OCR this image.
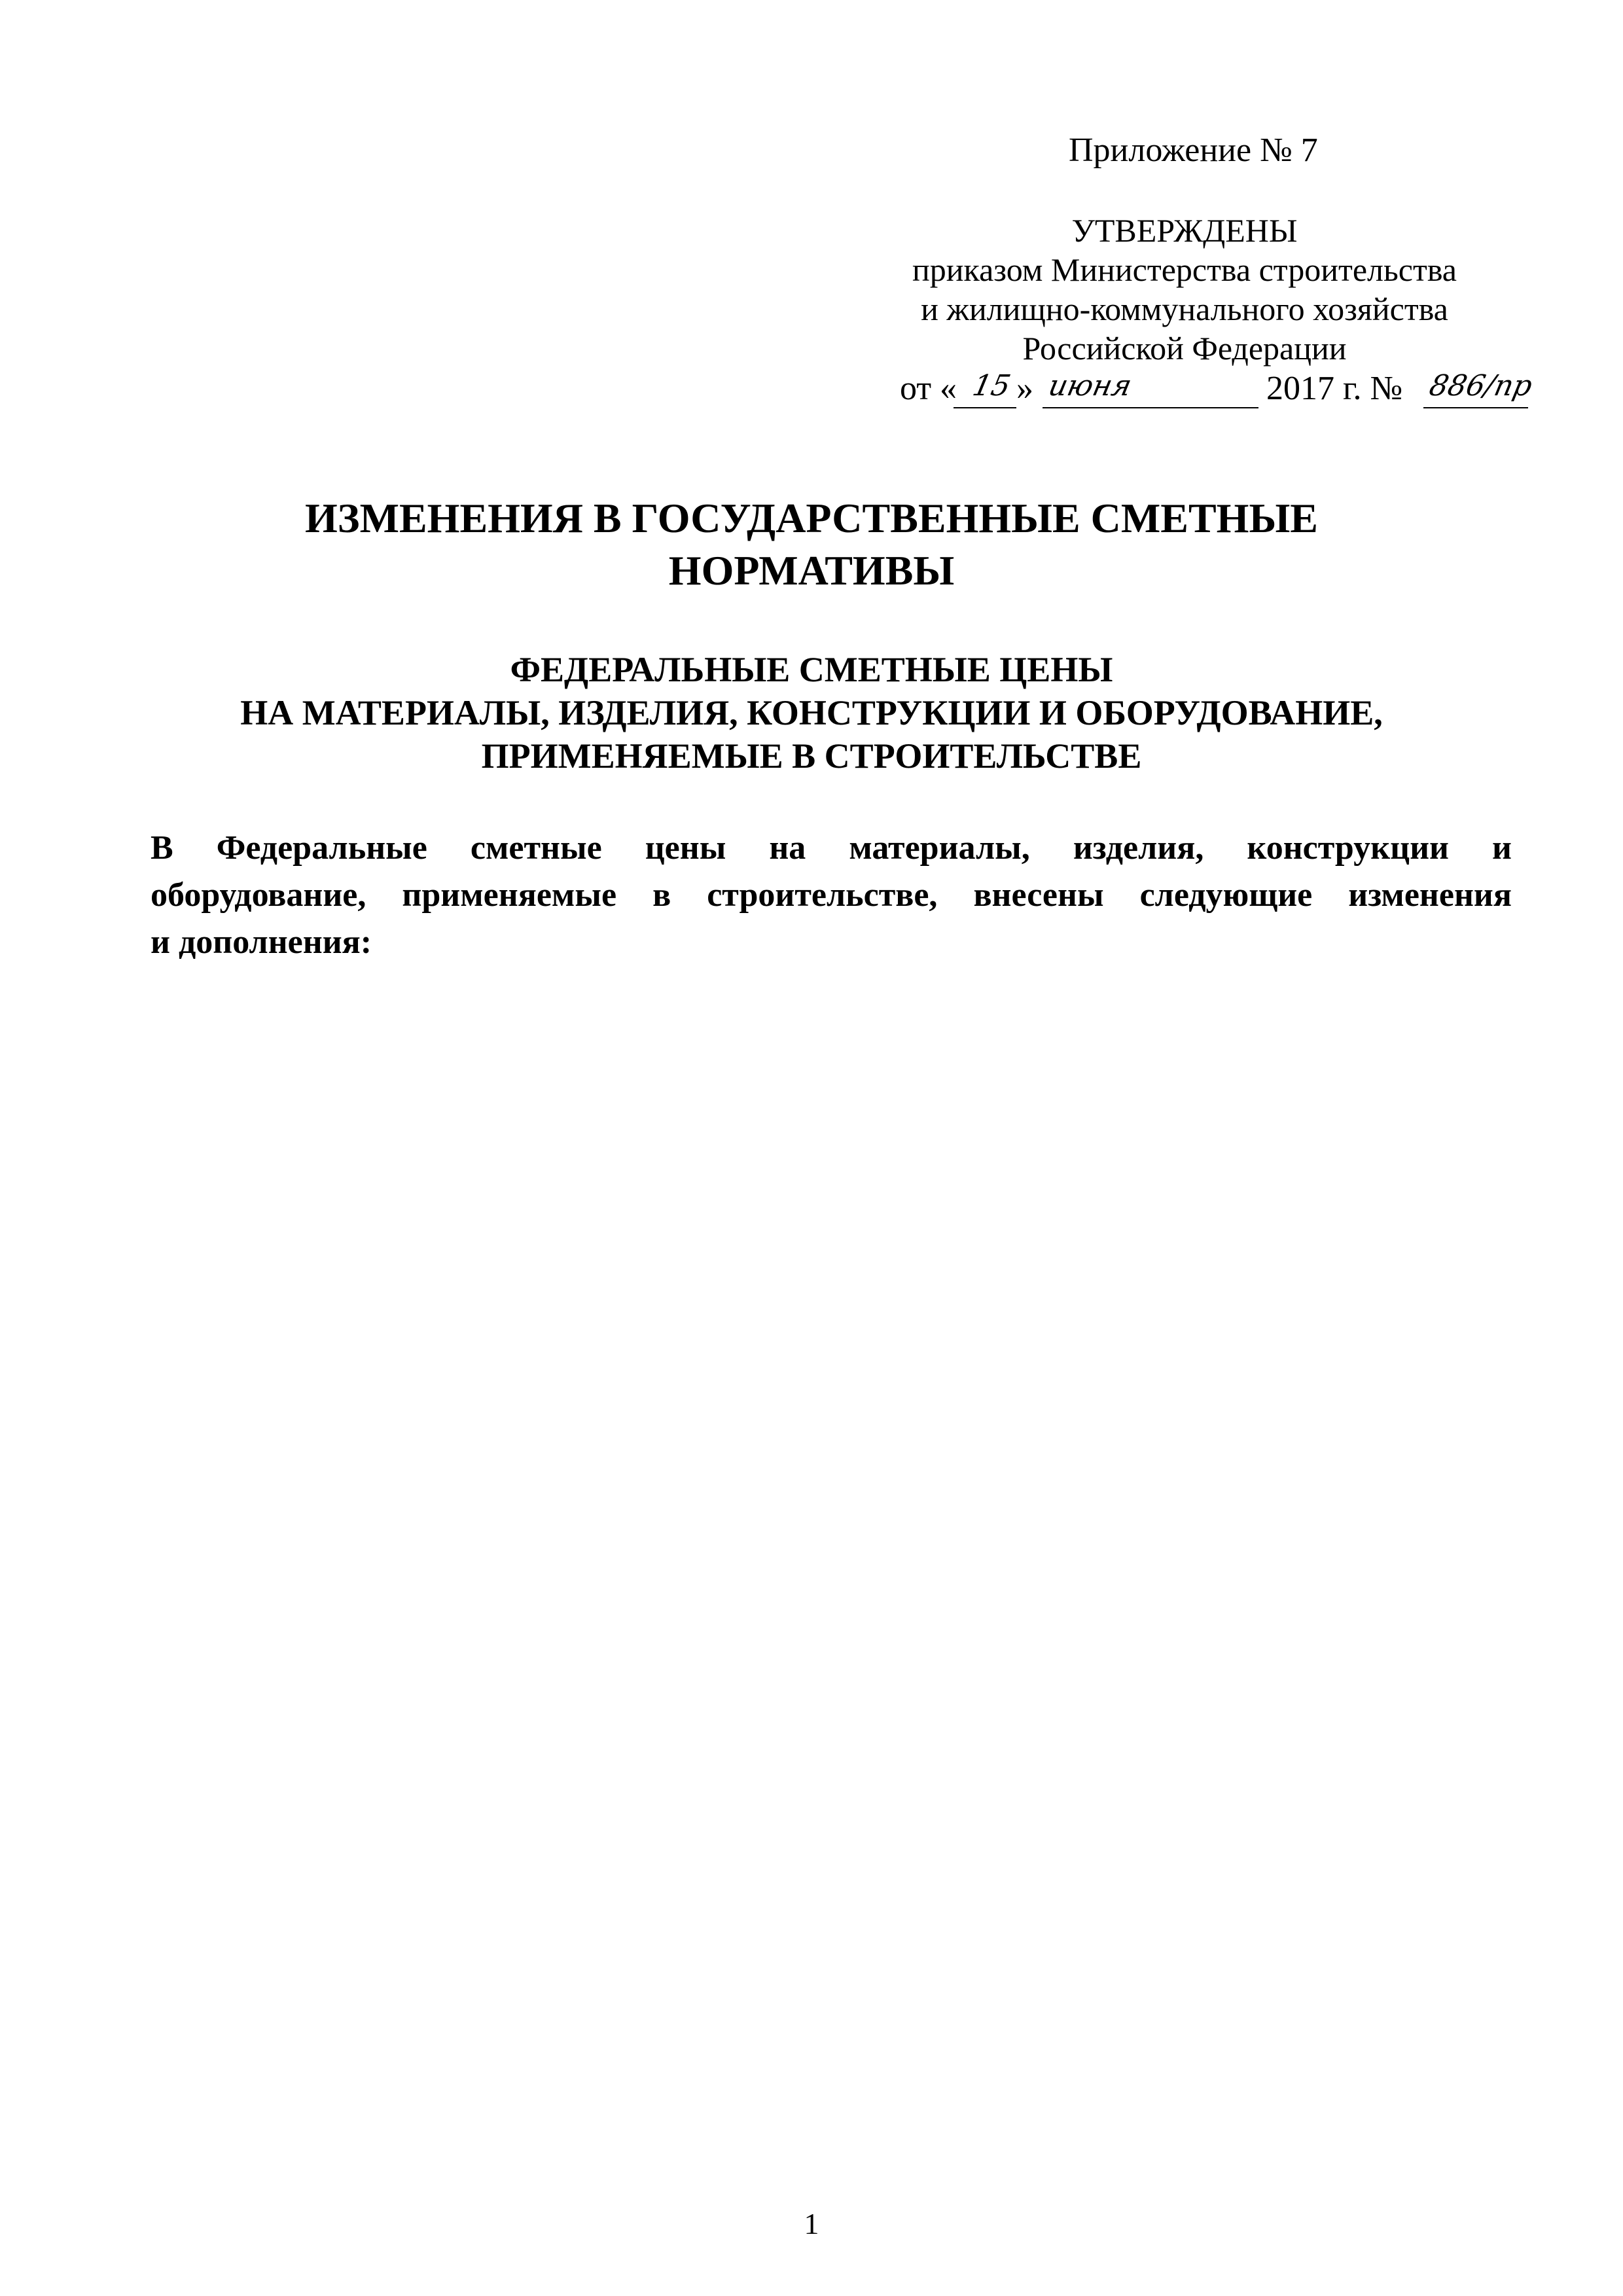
Приложение № 7
УТВЕРЖДЕНЫ
приказом Министерства строительства
и жилищно-коммунального хозяйства
Российской Федерации
от « 15 » июня	2017 г. № 886/пр
ИЗМЕНЕНИЯ В ГОСУДАРСТВЕННЫЕ СМЕТНЫЕ
НОРМАТИВЫ
ФЕДЕРАЛЬНЫЕ СМЕТНЫЕ ЦЕНЫ
НА МАТЕРИАЛЫ, ИЗДЕЛИЯ, КОНСТРУКЦИИ И ОБОРУДОВАНИЕ,
ПРИМЕНЯЕМЫЕ В СТРОИТЕЛЬСТВЕ
В Федеральные сметные цены на материалы, изделия, конструкции и
оборудование, применяемые в строительстве, внесены следующие изменения
и дополнения:
1
